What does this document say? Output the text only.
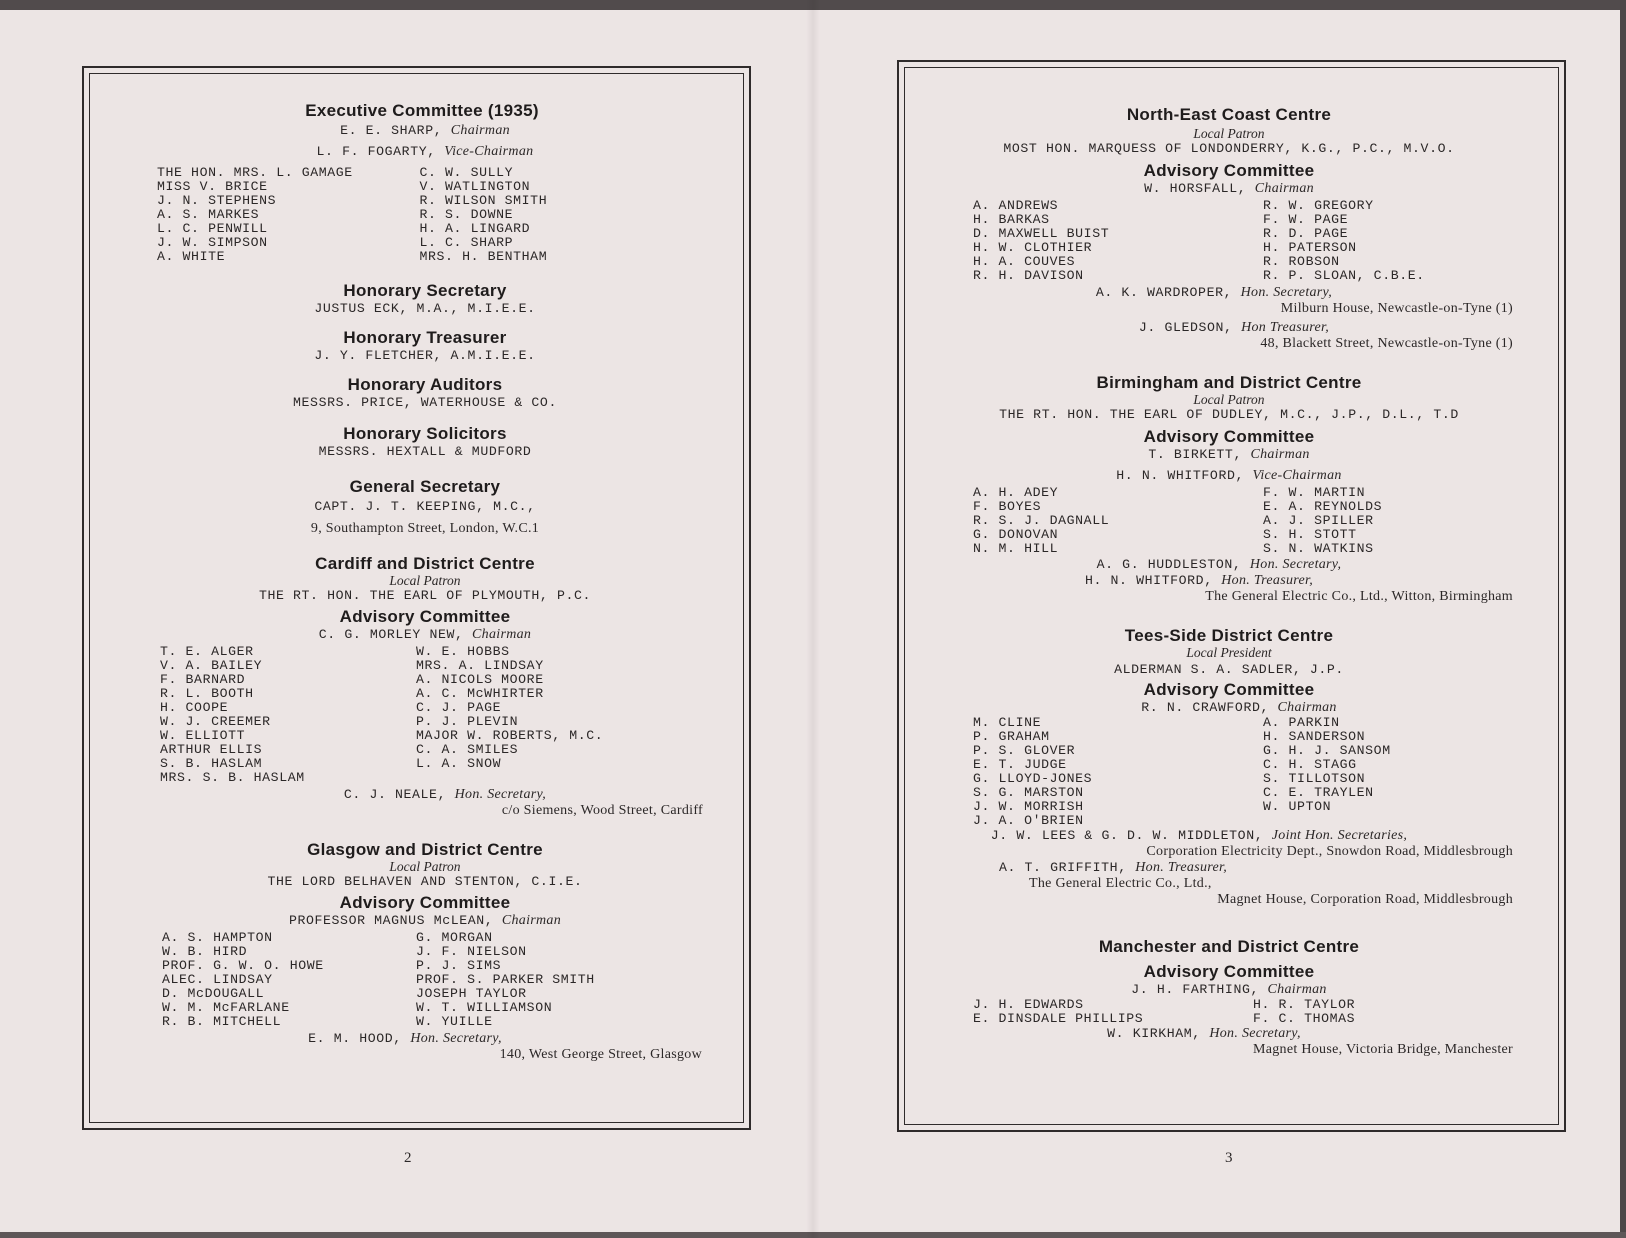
Executive Committee (1935)
E. E. SHARP, Chairman
L. F. FOGARTY, Vice-Chairman
THE HON. MRS. L. GAMAGE
MISS V. BRICE
J. N. STEPHENS
A. S. MARKES
L. C. PENWILL
J. W. SIMPSON
A. WHITE
C. W. SULLY
V. WATLINGTON
R. WILSON SMITH
R. S. DOWNE
H. A. LINGARD
L. C. SHARP
MRS. H. BENTHAM
Honorary Secretary
JUSTUS ECK, M.A., M.I.E.E.
Honorary Treasurer
J. Y. FLETCHER, A.M.I.E.E.
Honorary Auditors
MESSRS. PRICE, WATERHOUSE & CO.
Honorary Solicitors
MESSRS. HEXTALL & MUDFORD
General Secretary
CAPT. J. T. KEEPING, M.C.,
9, Southampton Street, London, W.C.1
Cardiff and District Centre
Local Patron
THE RT. HON. THE EARL OF PLYMOUTH, P.C.
Advisory Committee
C. G. MORLEY NEW, Chairman
T. E. ALGER
V. A. BAILEY
F. BARNARD
R. L. BOOTH
H. COOPE
W. J. CREEMER
W. ELLIOTT
ARTHUR ELLIS
S. B. HASLAM
MRS. S. B. HASLAM
W. E. HOBBS
MRS. A. LINDSAY
A. NICOLS MOORE
A. C. McWHIRTER
C. J. PAGE
P. J. PLEVIN
MAJOR W. ROBERTS, M.C.
C. A. SMILES
L. A. SNOW
C. J. NEALE, Hon. Secretary,
c/o Siemens, Wood Street, Cardiff
Glasgow and District Centre
Local Patron
THE LORD BELHAVEN AND STENTON, C.I.E.
Advisory Committee
PROFESSOR MAGNUS McLEAN, Chairman
A. S. HAMPTON
W. B. HIRD
PROF. G. W. O. HOWE
ALEC. LINDSAY
D. McDOUGALL
W. M. McFARLANE
R. B. MITCHELL
G. MORGAN
J. F. NIELSON
P. J. SIMS
PROF. S. PARKER SMITH
JOSEPH TAYLOR
W. T. WILLIAMSON
W. YUILLE
E. M. HOOD, Hon. Secretary,
140, West George Street, Glasgow
2
North-East Coast Centre
Local Patron
MOST HON. MARQUESS OF LONDONDERRY, K.G., P.C., M.V.O.
Advisory Committee
W. HORSFALL, Chairman
A. ANDREWS
H. BARKAS
D. MAXWELL BUIST
H. W. CLOTHIER
H. A. COUVES
R. H. DAVISON
R. W. GREGORY
F. W. PAGE
R. D. PAGE
H. PATERSON
R. ROBSON
R. P. SLOAN, C.B.E.
A. K. WARDROPER, Hon. Secretary,
Milburn House, Newcastle-on-Tyne (1)
J. GLEDSON, Hon Treasurer,
48, Blackett Street, Newcastle-on-Tyne (1)
Birmingham and District Centre
Local Patron
THE RT. HON. THE EARL OF DUDLEY, M.C., J.P., D.L., T.D
Advisory Committee
T. BIRKETT, Chairman
H. N. WHITFORD, Vice-Chairman
A. H. ADEY
F. BOYES
R. S. J. DAGNALL
G. DONOVAN
N. M. HILL
F. W. MARTIN
E. A. REYNOLDS
A. J. SPILLER
S. H. STOTT
S. N. WATKINS
A. G. HUDDLESTON, Hon. Secretary,
H. N. WHITFORD, Hon. Treasurer,
The General Electric Co., Ltd., Witton, Birmingham
Tees-Side District Centre
Local President
ALDERMAN S. A. SADLER, J.P.
Advisory Committee
R. N. CRAWFORD, Chairman
M. CLINE
P. GRAHAM
P. S. GLOVER
E. T. JUDGE
G. LLOYD-JONES
S. G. MARSTON
J. W. MORRISH
J. A. O'BRIEN
A. PARKIN
H. SANDERSON
G. H. J. SANSOM
C. H. STAGG
S. TILLOTSON
C. E. TRAYLEN
W. UPTON
J. W. LEES & G. D. W. MIDDLETON, Joint Hon. Secretaries,
Corporation Electricity Dept., Snowdon Road, Middlesbrough
A. T. GRIFFITH, Hon. Treasurer,
The General Electric Co., Ltd.,
Magnet House, Corporation Road, Middlesbrough
Manchester and District Centre
Advisory Committee
J. H. FARTHING, Chairman
J. H. EDWARDS
E. DINSDALE PHILLIPS
H. R. TAYLOR
F. C. THOMAS
W. KIRKHAM, Hon. Secretary,
Magnet House, Victoria Bridge, Manchester
3
